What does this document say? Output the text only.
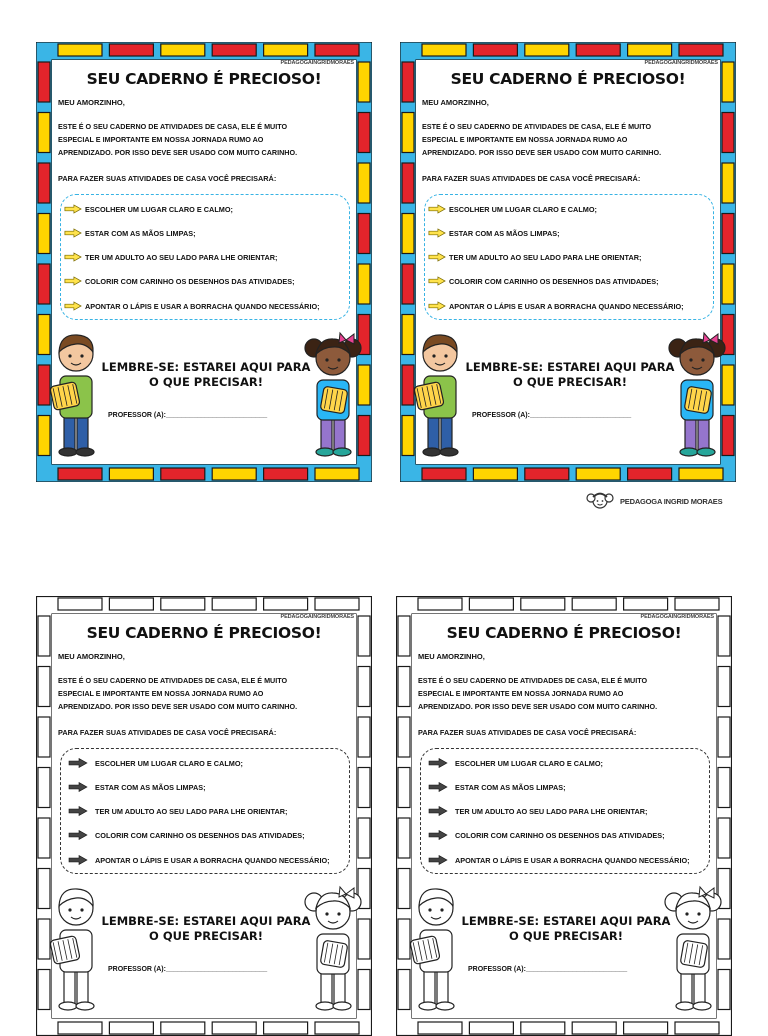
PEDAGOGAINGRIDMORAES
SEU CADERNO É PRECIOSO!
MEU AMORZINHO,
ESTE É O SEU CADERNO DE ATIVIDADES DE CASA, ELE É MUITO
ESPECIAL E IMPORTANTE EM NOSSA JORNADA RUMO AO
APRENDIZADO. POR ISSO DEVE SER USADO COM MUITO CARINHO.
PARA FAZER SUAS ATIVIDADES DE CASA VOCÊ PRECISARÁ:
LEMBRE-SE: ESTAREI AQUI PARA
O QUE PRECISAR!
PROFESSOR (A):__________________________
ESCOLHER UM LUGAR CLARO E CALMO;
ESTAR COM AS MÃOS LIMPAS;
TER UM ADULTO AO SEU LADO PARA LHE ORIENTAR;
COLORIR COM CARINHO OS DESENHOS DAS ATIVIDADES;
APONTAR O LÁPIS E USAR A BORRACHA QUANDO NECESSÁRIO;
PEDAGOGAINGRIDMORAES
SEU CADERNO É PRECIOSO!
MEU AMORZINHO,
ESTE É O SEU CADERNO DE ATIVIDADES DE CASA, ELE É MUITO
ESPECIAL E IMPORTANTE EM NOSSA JORNADA RUMO AO
APRENDIZADO. POR ISSO DEVE SER USADO COM MUITO CARINHO.
PARA FAZER SUAS ATIVIDADES DE CASA VOCÊ PRECISARÁ:
LEMBRE-SE: ESTAREI AQUI PARA
O QUE PRECISAR!
PROFESSOR (A):__________________________
ESCOLHER UM LUGAR CLARO E CALMO;
ESTAR COM AS MÃOS LIMPAS;
TER UM ADULTO AO SEU LADO PARA LHE ORIENTAR;
COLORIR COM CARINHO OS DESENHOS DAS ATIVIDADES;
APONTAR O LÁPIS E USAR A BORRACHA QUANDO NECESSÁRIO;
PEDAGOGAINGRIDMORAES
SEU CADERNO É PRECIOSO!
MEU AMORZINHO,
ESTE É O SEU CADERNO DE ATIVIDADES DE CASA, ELE É MUITO
ESPECIAL E IMPORTANTE EM NOSSA JORNADA RUMO AO
APRENDIZADO. POR ISSO DEVE SER USADO COM MUITO CARINHO.
PARA FAZER SUAS ATIVIDADES DE CASA VOCÊ PRECISARÁ:
LEMBRE-SE: ESTAREI AQUI PARA
O QUE PRECISAR!
PROFESSOR (A):__________________________
ESCOLHER UM LUGAR CLARO E CALMO;
ESTAR COM AS MÃOS LIMPAS;
TER UM ADULTO AO SEU LADO PARA LHE ORIENTAR;
COLORIR COM CARINHO OS DESENHOS DAS ATIVIDADES;
APONTAR O LÁPIS E USAR A BORRACHA QUANDO NECESSÁRIO;
PEDAGOGAINGRIDMORAES
SEU CADERNO É PRECIOSO!
MEU AMORZINHO,
ESTE É O SEU CADERNO DE ATIVIDADES DE CASA, ELE É MUITO
ESPECIAL E IMPORTANTE EM NOSSA JORNADA RUMO AO
APRENDIZADO. POR ISSO DEVE SER USADO COM MUITO CARINHO.
PARA FAZER SUAS ATIVIDADES DE CASA VOCÊ PRECISARÁ:
LEMBRE-SE: ESTAREI AQUI PARA
O QUE PRECISAR!
PROFESSOR (A):__________________________
ESCOLHER UM LUGAR CLARO E CALMO;
ESTAR COM AS MÃOS LIMPAS;
TER UM ADULTO AO SEU LADO PARA LHE ORIENTAR;
COLORIR COM CARINHO OS DESENHOS DAS ATIVIDADES;
APONTAR O LÁPIS E USAR A BORRACHA QUANDO NECESSÁRIO;
PEDAGOGA INGRID MORAES
